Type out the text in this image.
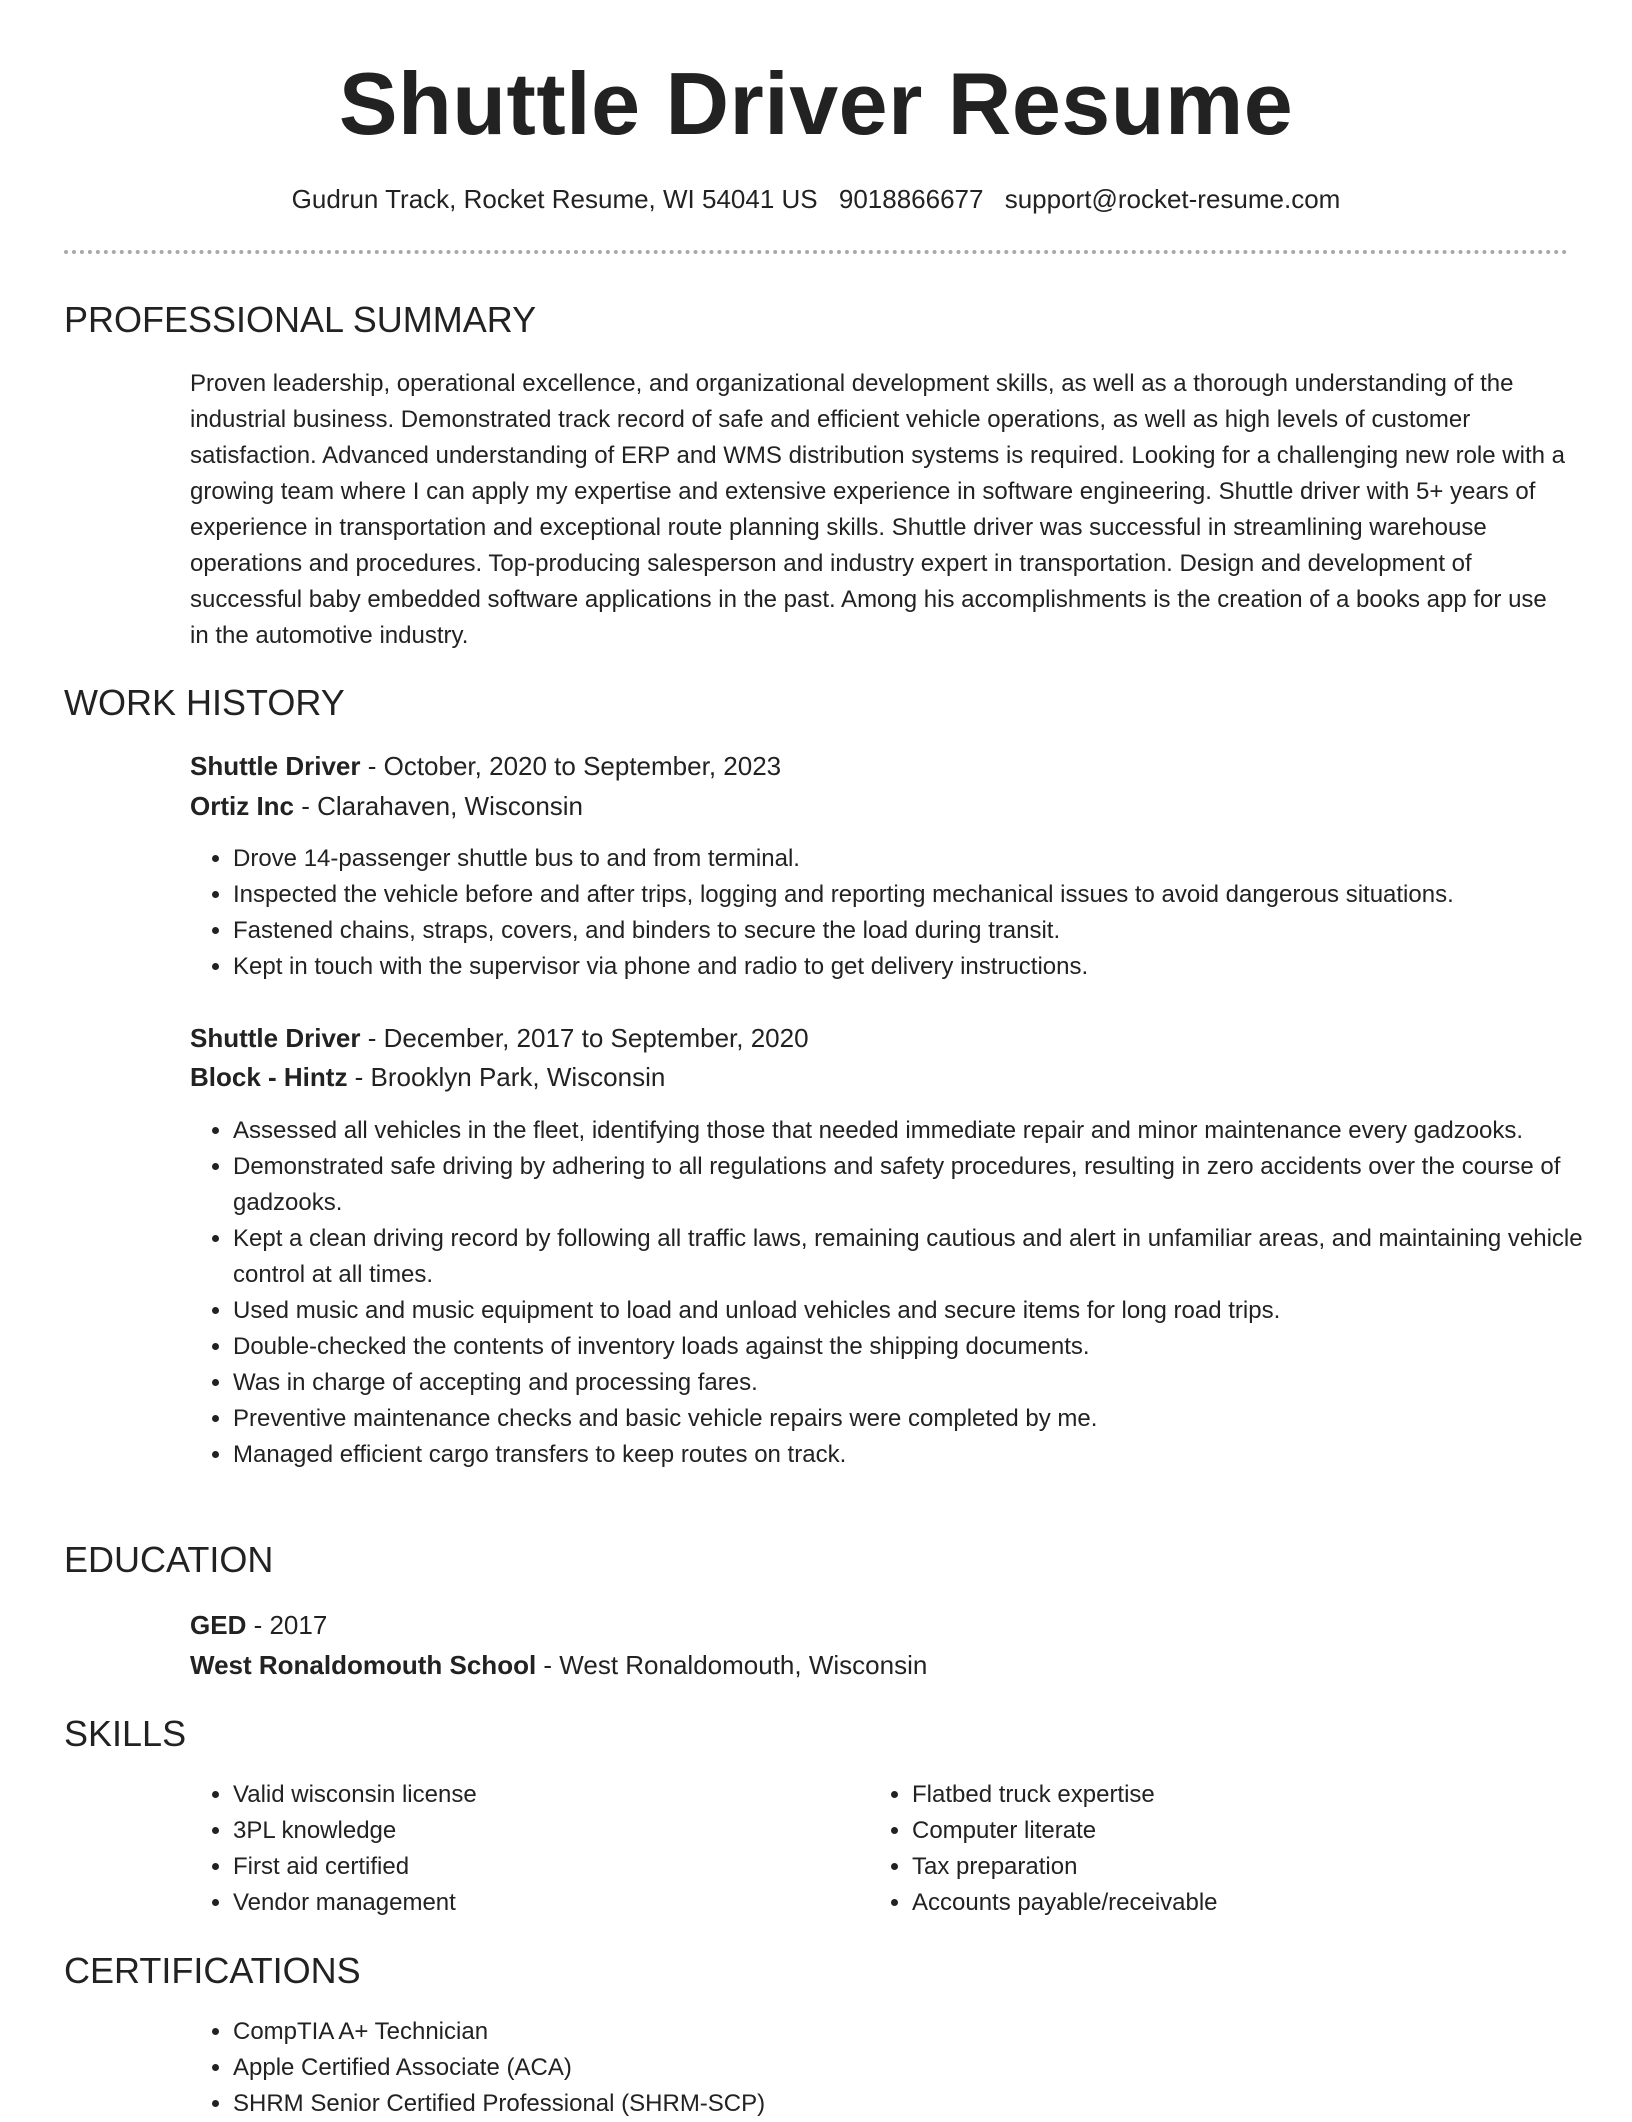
Shuttle Driver Resume
Gudrun Track, Rocket Resume, WI 54041 US 9018866677 support@rocket-resume.com
PROFESSIONAL SUMMARY

Proven leadership, operational excellence, and organizational development skills, as well as a thorough understanding of the industrial business. Demonstrated track record of safe and efficient vehicle operations, as well as high levels of customer satisfaction. Advanced understanding of ERP and WMS distribution systems is required. Looking for a challenging new role with a growing team where I can apply my expertise and extensive experience in software engineering. Shuttle driver with 5+ years of experience in transportation and exceptional route planning skills. Shuttle driver was successful in streamlining warehouse operations and procedures. Top-producing salesperson and industry expert in transportation. Design and development of successful baby embedded software applications in the past. Among his accomplishments is the creation of a books app for use in the automotive industry.

WORK HISTORY
Shuttle Driver - October, 2020 to September, 2023
Ortiz Inc - Clarahaven, Wisconsin
• Drove 14-passenger shuttle bus to and from terminal.
• Inspected the vehicle before and after trips, logging and reporting mechanical issues to avoid dangerous situations.
• Fastened chains, straps, covers, and binders to secure the load during transit.
• Kept in touch with the supervisor via phone and radio to get delivery instructions.
Shuttle Driver - December, 2017 to September, 2020
Block - Hintz - Brooklyn Park, Wisconsin
• Assessed all vehicles in the fleet, identifying those that needed immediate repair and minor maintenance every gadzooks.
• Demonstrated safe driving by adhering to all regulations and safety procedures, resulting in zero accidents over the course of gadzooks.
• Kept a clean driving record by following all traffic laws, remaining cautious and alert in unfamiliar areas, and maintaining vehicle control at all times.
• Used music and music equipment to load and unload vehicles and secure items for long road trips.
• Double-checked the contents of inventory loads against the shipping documents.
• Was in charge of accepting and processing fares.
• Preventive maintenance checks and basic vehicle repairs were completed by me.
• Managed efficient cargo transfers to keep routes on track.
EDUCATION
GED - 2017
West Ronaldomouth School - West Ronaldomouth, Wisconsin
SKILLS
• Valid wisconsin license
• 3PL knowledge
• First aid certified
• Vendor management
• Flatbed truck expertise
• Computer literate
• Tax preparation
• Accounts payable/receivable
CERTIFICATIONS
• CompTIA A+ Technician
• Apple Certified Associate (ACA)
• SHRM Senior Certified Professional (SHRM-SCP)
